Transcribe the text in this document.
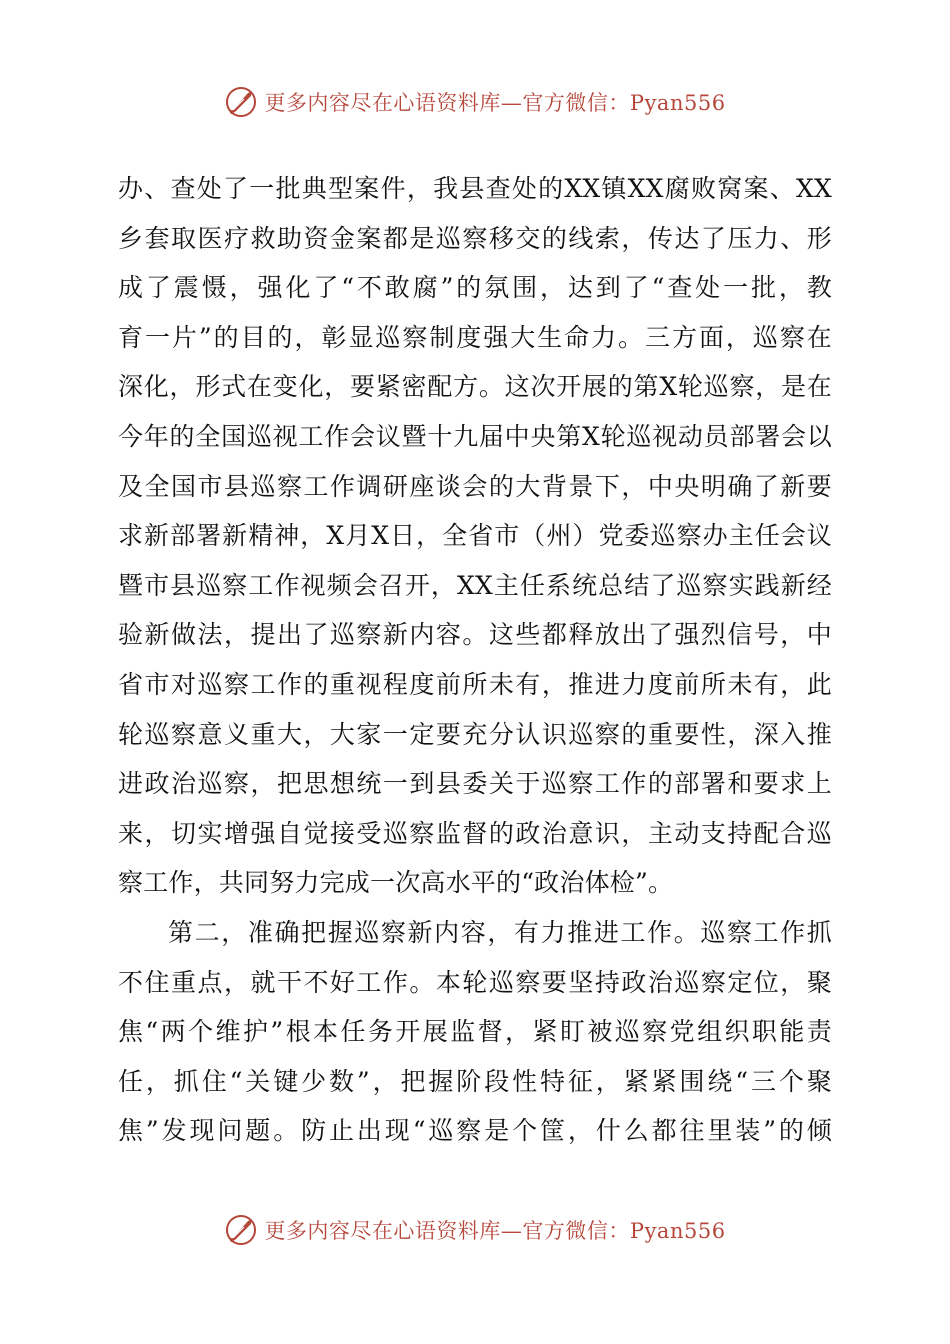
更多内容尽在心语资料库—官方微信：Pyan556
办、查处了一批典型案件，我县查处的XX镇XX腐败窝案、XX
乡套取医疗救助资金案都是巡察移交的线索，传达了压力、形
成了震慑，强化了“不敢腐”的氛围，达到了“查处一批，教
育一片”的目的，彰显巡察制度强大生命力。三方面，巡察在
深化，形式在变化，要紧密配方。这次开展的第X轮巡察，是在
今年的全国巡视工作会议暨十九届中央第X轮巡视动员部署会以
及全国市县巡察工作调研座谈会的大背景下，中央明确了新要
求新部署新精神，X月X日，全省市（州）党委巡察办主任会议
暨市县巡察工作视频会召开，XX主任系统总结了巡察实践新经
验新做法，提出了巡察新内容。这些都释放出了强烈信号，中
省市对巡察工作的重视程度前所未有，推进力度前所未有，此
轮巡察意义重大，大家一定要充分认识巡察的重要性，深入推
进政治巡察，把思想统一到县委关于巡察工作的部署和要求上
来，切实增强自觉接受巡察监督的政治意识，主动支持配合巡
察工作，共同努力完成一次高水平的“政治体检”。
第二，准确把握巡察新内容，有力推进工作。巡察工作抓
不住重点，就干不好工作。本轮巡察要坚持政治巡察定位，聚
焦“两个维护”根本任务开展监督，紧盯被巡察党组织职能责
任，抓住“关键少数”，把握阶段性特征，紧紧围绕“三个聚
焦”发现问题。防止出现“巡察是个筐，什么都往里装”的倾
更多内容尽在心语资料库—官方微信：Pyan556
